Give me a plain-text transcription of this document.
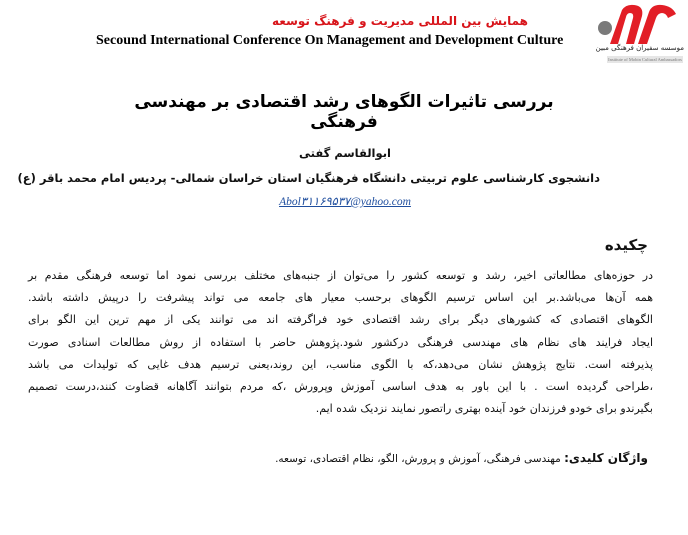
همایش بین المللی مدیریت و فرهنگ توسعه
Secound International Conference On Management and Development Culture	موسسه سفیران فرهنگی مبین
Institute of Mobin Cultural Ambassadors
بررسی تاثیرات الگوهای رشد اقتصادی بر مهندسی فرهنگی
ابوالقاسم گفتی
دانشجوی کارشناسی علوم تربیتی دانشگاه فرهنگیان استان خراسان شمالی- پردیس امام محمد باقر (ع)
Abol۳۱۱۶۹۵۳۷@yahoo.com
چکیده
در حوزه‌های مطالعاتی اخیر، رشد و توسعه کشور را می‌توان از جنبه‌های مختلف بررسی نمود اما توسعه فرهنگی مقدم بر
همه آن‌ها می‌باشد.بر این اساس ترسیم الگوهای برحسب معیار های جامعه می تواند پیشرفت را درپیش داشته باشد.
الگوهای اقتصادی که کشورهای دیگر برای رشد اقتصادی خود فراگرفته اند می توانند یکی از مهم ترین این الگو برای
ایجاد فرایند های نظام های مهندسی فرهنگی درکشور شود.پژوهش حاضر با استفاده از روش مطالعات اسنادی صورت
پذیرفته است. نتایج پژوهش نشان می‌دهد،که با الگوی مناسب، این روند،یعنی ترسیم هدف غایی که تولیدات می باشد
،طراحی گردیده است . با این باور به هدف اساسی آموزش وپرورش ،که مردم بتوانند آگاهانه قضاوت کنند،درست تصمیم
بگیرندو برای خودو فرزندان خود آینده بهتری راتصور نمایند نزدیک شده ایم.
واژگان کلیدی: مهندسی فرهنگی، آموزش و پرورش، الگو، نظام اقتصادی، توسعه.
